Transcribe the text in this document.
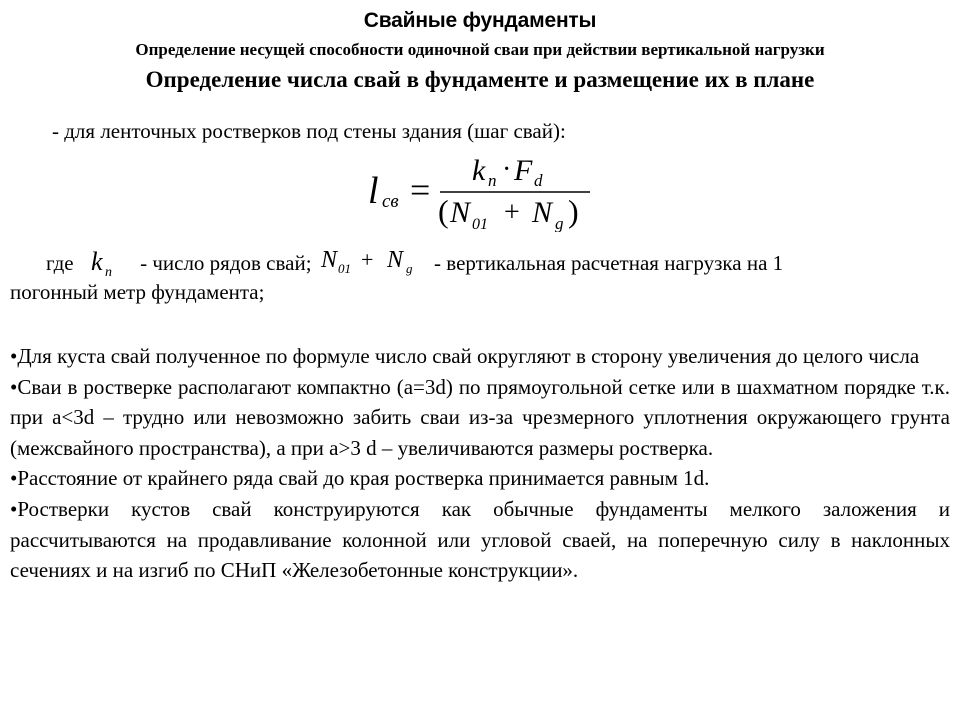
Свайные фундаменты
Определение несущей способности одиночной сваи при действии вертикальной нагрузки
Определение числа свай в фундаменте и размещение их в плане
- для ленточных ростверков под стены здания (шаг свай):
l св = k n · F d
( N 01 + N g )
где k n - число рядов свай; N 01 + N g - вертикальная расчетная нагрузка на 1
погонный метр фундамента;

•Для куста свай полученное по формуле число свай округляют в сторону увеличения до целого числа

•Сваи в ростверке располагают компактно (а=3d) по прямоугольной сетке или в шахматном порядке т.к. при а<3d – трудно или невозможно забить сваи из-за чрезмерного уплотнения окружающего грунта (межсвайного пространства), а при а>3 d – увеличиваются размеры ростверка.

•Расстояние от крайнего ряда свай до края ростверка принимается равным 1d.

•Ростверки кустов свай конструируются как обычные фундаменты мелкого заложения и рассчитываются на продавливание колонной или угловой сваей, на поперечную силу в наклонных сечениях и на изгиб по СНиП «Железобетонные конструкции».
